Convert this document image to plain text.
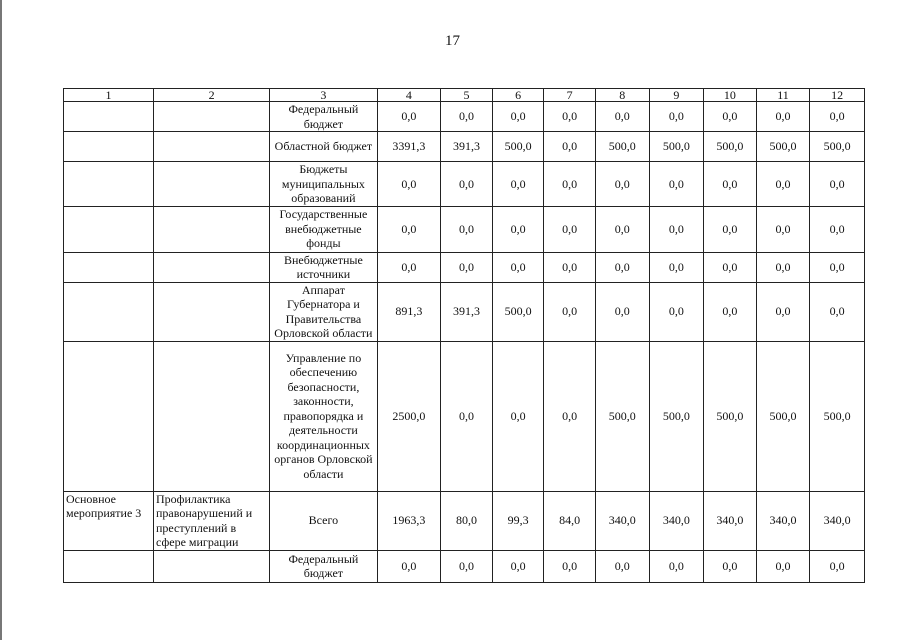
17
1	2	3	4	5	6	7	8	9	10	11	12
		Федеральный бюджет	0,0	0,0	0,0	0,0	0,0	0,0	0,0	0,0	0,0
		Областной бюджет	3391,3	391,3	500,0	0,0	500,0	500,0	500,0	500,0	500,0
		Бюджеты муниципальных образований	0,0	0,0	0,0	0,0	0,0	0,0	0,0	0,0	0,0
		Государственные внебюджетные фонды	0,0	0,0	0,0	0,0	0,0	0,0	0,0	0,0	0,0
		Внебюджетные источники	0,0	0,0	0,0	0,0	0,0	0,0	0,0	0,0	0,0
		Аппарат Губернатора и Правительства Орловской области	891,3	391,3	500,0	0,0	0,0	0,0	0,0	0,0	0,0
		Управление по обеспечению безопасности, законности, правопорядка и деятельности координационных органов Орловской области	2500,0	0,0	0,0	0,0	500,0	500,0	500,0	500,0	500,0
Основное мероприятие 3	Профилактика правонарушений и преступлений в сфере миграции	Всего	1963,3	80,0	99,3	84,0	340,0	340,0	340,0	340,0	340,0
		Федеральный бюджет	0,0	0,0	0,0	0,0	0,0	0,0	0,0	0,0	0,0
